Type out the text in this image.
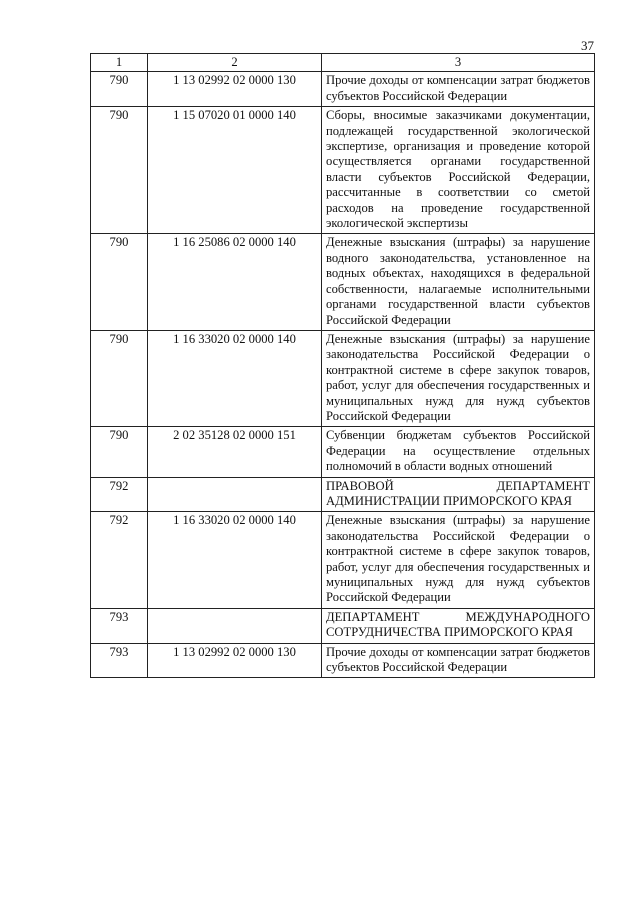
37
1	2	3
790	1 13 02992 02 0000 130	Прочие доходы от компенсации затрат бюджетов субъектов Российской Федерации
790	1 15 07020 01 0000 140	Сборы, вносимые заказчиками документации, подлежащей государственной экологической экспертизе, организация и проведение которой осуществляется органами государственной власти субъектов Российской Федерации, рассчитанные в соответствии со сметой расходов на проведение государственной экологической экспертизы
790	1 16 25086 02 0000 140	Денежные взыскания (штрафы) за нарушение водного законодательства, установленное на водных объектах, находящихся в федеральной собственности, налагаемые исполнительными органами государственной власти субъектов Российской Федерации
790	1 16 33020 02 0000 140	Денежные взыскания (штрафы) за нарушение законодательства Российской Федерации о контрактной системе в сфере закупок товаров, работ, услуг для обеспечения государственных и муниципальных нужд для нужд субъектов Российской Федерации
790	2 02 35128 02 0000 151	Субвенции бюджетам субъектов Российской Федерации на осуществление отдельных полномочий в области водных отношений
792		ПРАВОВОЙ ДЕПАРТАМЕНТ АДМИНИСТРАЦИИ ПРИМОРСКОГО КРАЯ
792	1 16 33020 02 0000 140	Денежные взыскания (штрафы) за нарушение законодательства Российской Федерации о контрактной системе в сфере закупок товаров, работ, услуг для обеспечения государственных и муниципальных нужд для нужд субъектов Российской Федерации
793		ДЕПАРТАМЕНТ МЕЖДУНАРОДНОГО СОТРУДНИЧЕСТВА ПРИМОРСКОГО КРАЯ
793	1 13 02992 02 0000 130	Прочие доходы от компенсации затрат бюджетов субъектов Российской Федерации
